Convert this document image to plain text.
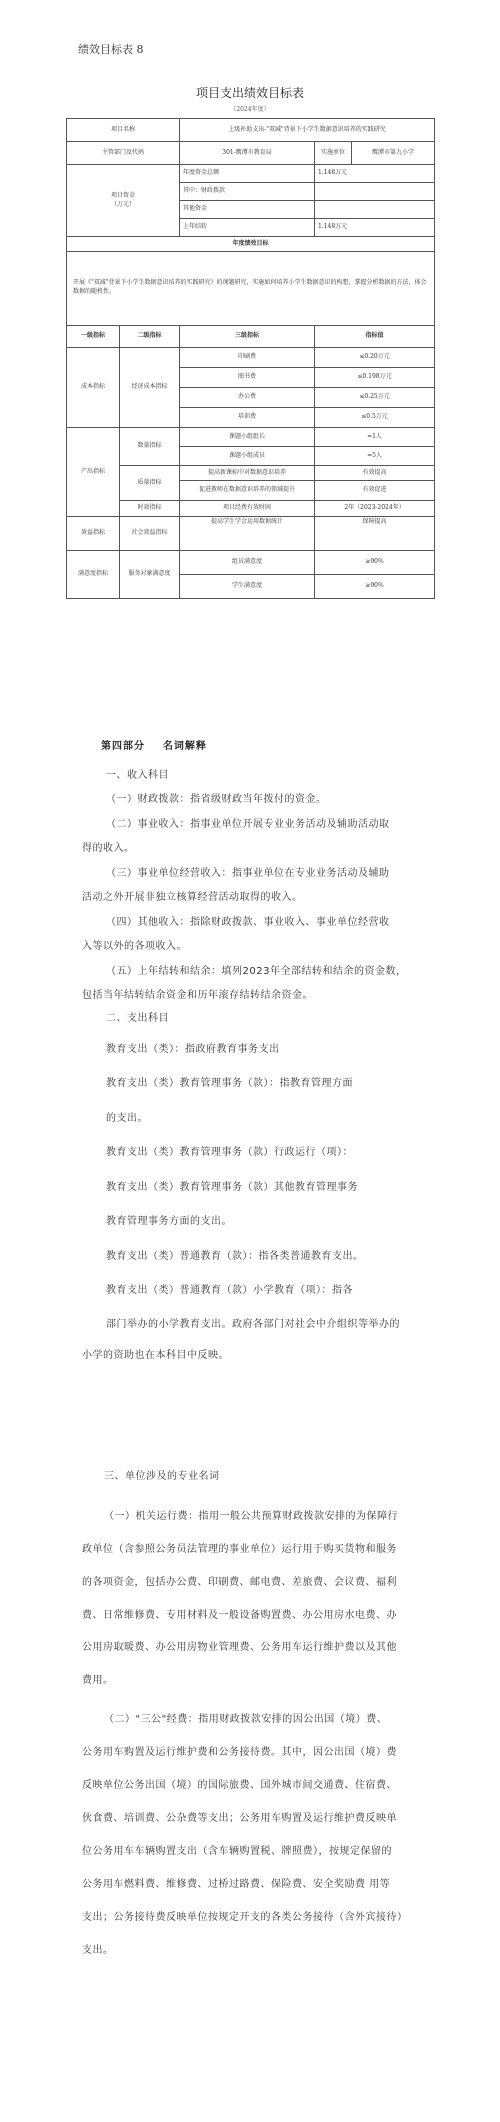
绩效目标表 8
项目支出绩效目标表
（2024年度）
项目名称		上级补助支出-"双减"背景下小学生数据意识培养的实践研究		
主管部门及代码		301-鹰潭市教育局	实施单位	鹰潭市第九小学
项目资金
（万元）		年度资金总额	1.148万元	
		其中：财政拨款		
		其他资金		
		上年结转	1.148万元	
年度绩效目标				
开展《"双减"背景下小学生数据意识培养的实践研究》的课题研究，实施如何培养小学生数据意识的构想，掌握分析数据的方法，体会数据的随机性。				
一级指标	二级指标	三级指标	指标值	
成本指标	经济成本指标	印刷费	≤0.20万元	
		图书费	≤0.198万元	
		办公费	≤0.25万元	
		培训费	≤0.5万元	
产出指标	数量指标	课题小组组长	=1人	
		课题小组成员	=5人	
	质量指标	提高新课标中对数据意识培养	有效提高	
		促进教师在数据意识培养的领域提升	有效促进	
	时效指标	项目经费有效时间	2年（2023-2024年）	
效益指标	社会效益指标	提高学生学会运用数据统计	保障提高	
满意度指标	服务对象满意度	组员满意度	≥90%	
		学生满意度	≥90%	
第四部分    名词解释
一、收入科目
（一）财政拨款：指省级财政当年拨付的资金。
（二）事业收入：指事业单位开展专业业务活动及辅助活动取
得的收入。
（三）事业单位经营收入：指事业单位在专业业务活动及辅助
活动之外开展非独立核算经营活动取得的收入。
（四）其他收入：指除财政拨款、事业收入、事业单位经营收
入等以外的各项收入。
（五）上年结转和结余：填列2023年全部结转和结余的资金数，
包括当年结转结余资金和历年滚存结转结余资金。
二、支出科目
教育支出（类）：指政府教育事务支出
教育支出（类）教育管理事务（款）：指教育管理方面
的支出。
教育支出（类）教育管理事务（款）行政运行（项）：
教育支出（类）教育管理事务（款）其他教育管理事务
教育管理事务方面的支出。
教育支出（类）普通教育（款）：指各类普通教育支出。
教育支出（类）普通教育（款）小学教育（项）：指各
部门举办的小学教育支出。政府各部门对社会中介组织等举办的
小学的资助也在本科目中反映。
三、单位涉及的专业名词
（一）机关运行费：指用一般公共预算财政拨款安排的为保障行
政单位（含参照公务员法管理的事业单位）运行用于购买货物和服务
的各项资金，包括办公费、印刷费、邮电费、差旅费、会议费、福利
费、日常维修费、专用材料及一般设备购置费、办公用房水电费、办
公用房取暖费、办公用房物业管理费、公务用车运行维护费以及其他
费用。
（二）"三公"经费：指用财政拨款安排的因公出国（境）费、
公务用车购置及运行维护费和公务接待费。其中，因公出国（境）费
反映单位公务出国（境）的国际旅费、国外城市间交通费、住宿费、
伙食费、培训费、公杂费等支出；公务用车购置及运行维护费反映单
位公务用车车辆购置支出（含车辆购置税、牌照费），按规定保留的
公务用车燃料费、维修费、过桥过路费、保险费、安全奖励费 用等
支出；公务接待费反映单位按规定开支的各类公务接待（含外宾接待）
支出。
